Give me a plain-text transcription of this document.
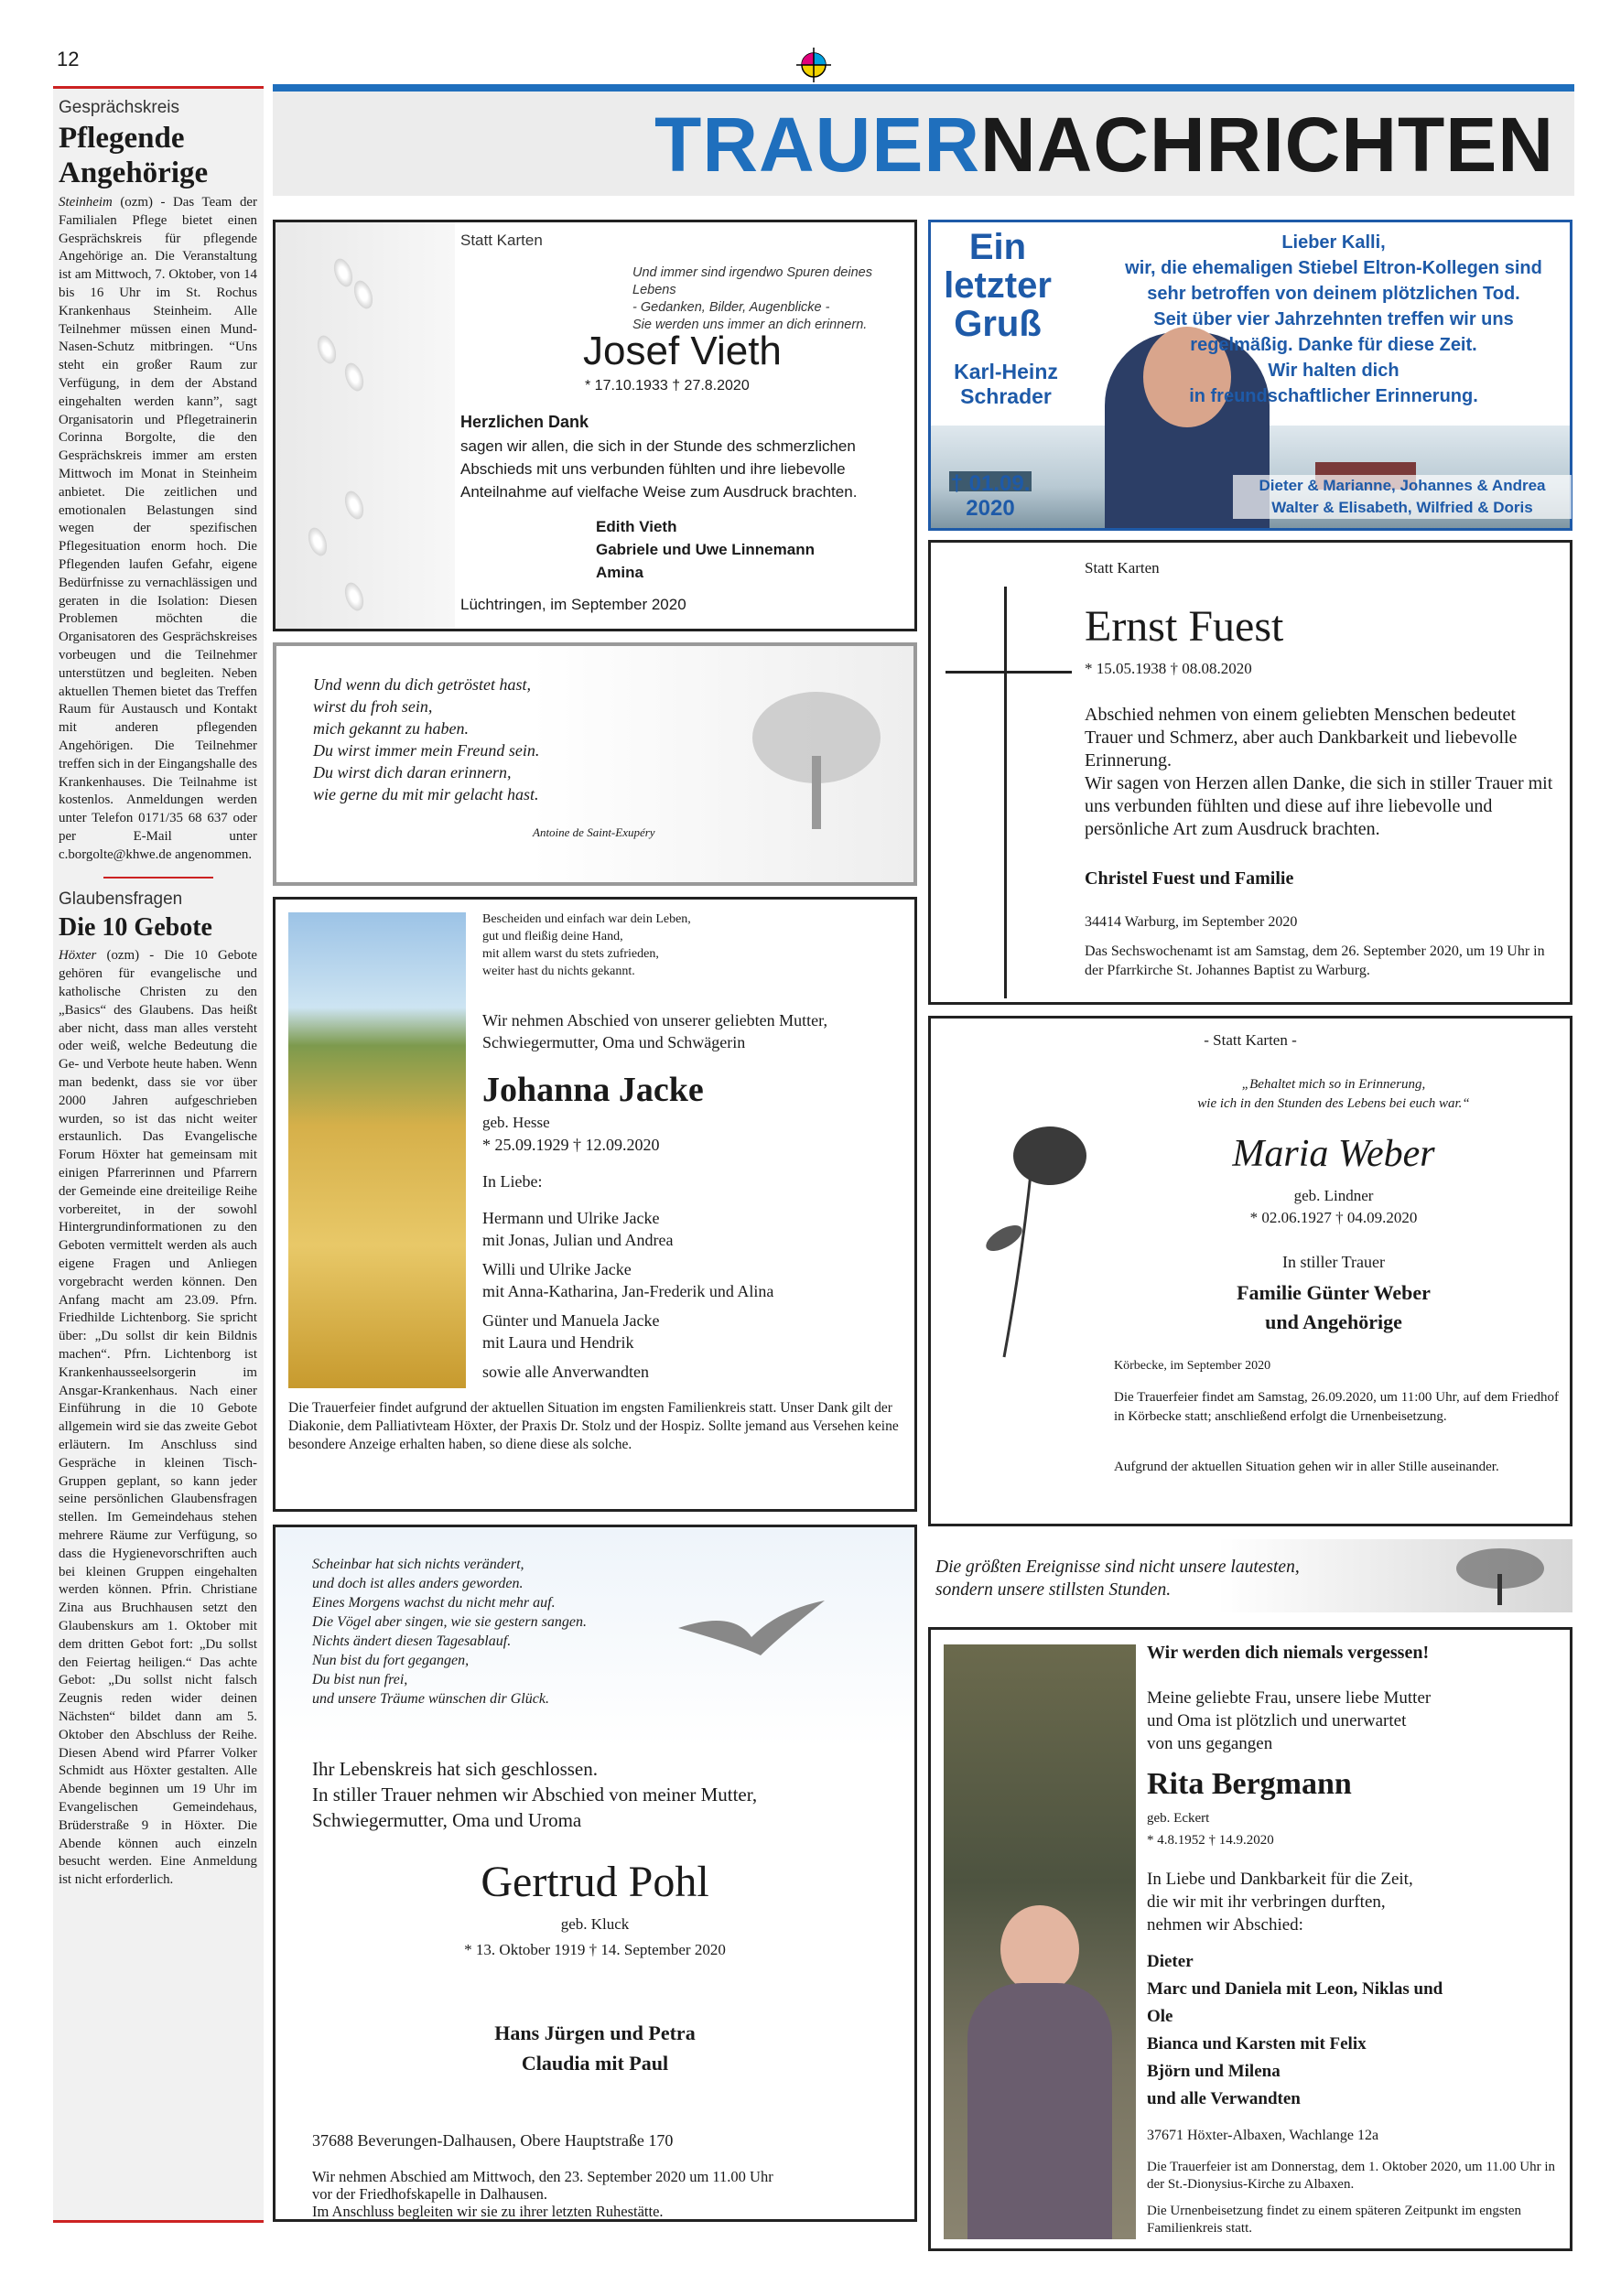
12
Gesprächskreis
Pflegende Angehörige

Steinheim (ozm) - Das Team der Familialen Pflege bietet einen Gesprächskreis für pflegende Angehörige an. Die Veranstaltung ist am Mittwoch, 7. Oktober, von 14 bis 16 Uhr im St. Rochus Krankenhaus Steinheim. Alle Teilnehmer müssen einen Mund-Nasen-Schutz mitbringen. “Uns steht ein großer Raum zur Verfügung, in dem der Abstand eingehalten werden kann”, sagt Organisatorin und Pflegetrainerin Corinna Borgolte, die den Gesprächskreis immer am ersten Mittwoch im Monat in Steinheim anbietet. Die zeitlichen und emotionalen Belastungen sind wegen der spezifischen Pflegesituation enorm hoch. Die Pflegenden laufen Gefahr, eigene Bedürfnisse zu vernachlässigen und geraten in die Isolation: Diesen Problemen möchten die Organisatoren des Gesprächskreises vorbeugen und die Teilnehmer unterstützen und begleiten. Neben aktuellen Themen bietet das Treffen Raum für Austausch und Kontakt mit anderen pflegenden Angehörigen. Die Teilnehmer treffen sich in der Eingangshalle des Krankenhauses. Die Teilnahme ist kostenlos. Anmeldungen werden unter Telefon 0171/35 68 637 oder per E-Mail unter c.borgolte@khwe.de angenommen.

Glaubensfragen
Die 10 Gebote

Höxter (ozm) - Die 10 Gebote gehören für evangelische und katholische Christen zu den „Basics“ des Glaubens. Das heißt aber nicht, dass man alles versteht oder weiß, welche Bedeutung die Ge- und Verbote heute haben. Wenn man bedenkt, dass sie vor über 2000 Jahren aufgeschrieben wurden, so ist das nicht weiter erstaunlich. Das Evangelische Forum Höxter hat gemeinsam mit einigen Pfarrerinnen und Pfarrern der Gemeinde eine dreiteilige Reihe vorbereitet, in der sowohl Hintergrundinformationen zu den Geboten vermittelt werden als auch eigene Fragen und Anliegen vorgebracht werden können. Den Anfang macht am 23.09. Pfrn. Friedhilde Lichtenborg. Sie spricht über: „Du sollst dir kein Bildnis machen“. Pfrn. Lichtenborg ist Krankenhausseelsorgerin im Ansgar-Krankenhaus. Nach einer Einführung in die 10 Gebote allgemein wird sie das zweite Gebot erläutern. Im Anschluss sind Gespräche in kleinen Tisch-Gruppen geplant, so kann jeder seine persönlichen Glaubensfragen stellen. Im Gemeindehaus stehen mehrere Räume zur Verfügung, so dass die Hygienevorschriften auch bei kleinen Gruppen eingehalten werden können. Pfrin. Christiane Zina aus Bruchhausen setzt den Glaubenskurs am 1. Oktober mit dem dritten Gebot fort: „Du sollst den Feiertag heiligen.“ Das achte Gebot: „Du sollst nicht falsch Zeugnis reden wider deinen Nächsten“ bildet dann am 5. Oktober den Abschluss der Reihe. Diesen Abend wird Pfarrer Volker Schmidt aus Höxter gestalten. Alle Abende beginnen um 19 Uhr im Evangelischen Gemeindehaus, Brüderstraße 9 in Höxter. Die Abende können auch einzeln besucht werden. Eine Anmeldung ist nicht erforderlich.

TRAUERNACHRICHTEN
Statt Karten
Und immer sind irgendwo Spuren deines Lebens
- Gedanken, Bilder, Augenblicke -
Sie werden uns immer an dich erinnern.
Josef Vieth
* 17.10.1933 † 27.8.2020
Herzlichen Dank
sagen wir allen, die sich in der Stunde des schmerzlichen Abschieds mit uns verbunden fühlten und ihre liebevolle Anteilnahme auf vielfache Weise zum Ausdruck brachten.
Edith Vieth
Gabriele und Uwe Linnemann
Amina
Lüchtringen, im September 2020
Ein
letzter
Gruß
Karl-Heinz
Schrader
† 01.09.
2020
Lieber Kalli,
wir, die ehemaligen Stiebel Eltron-Kollegen sind
sehr betroffen von deinem plötzlichen Tod.
Seit über vier Jahrzehnten treffen wir uns
regelmäßig. Danke für diese Zeit.
Wir halten dich
in freundschaftlicher Erinnerung.
Dieter & Marianne, Johannes & Andrea
Walter & Elisabeth, Wilfried & Doris
Und wenn du dich getröstet hast,
wirst du froh sein,
mich gekannt zu haben.
Du wirst immer mein Freund sein.
Du wirst dich daran erinnern,
wie gerne du mit mir gelacht hast.
Antoine de Saint-Exupéry
Statt Karten
Ernst Fuest
* 15.05.1938 † 08.08.2020
Abschied nehmen von einem geliebten Menschen bedeutet Trauer und Schmerz, aber auch Dankbarkeit und liebevolle Erinnerung.
Wir sagen von Herzen allen Danke, die sich in stiller Trauer mit uns verbunden fühlten und diese auf ihre liebevolle und persönliche Art zum Ausdruck brachten.
Christel Fuest und Familie
34414 Warburg, im September 2020
Das Sechswochenamt ist am Samstag, dem 26. September 2020, um 19 Uhr in der Pfarrkirche St. Johannes Baptist zu Warburg.
Bescheiden und einfach war dein Leben,
gut und fleißig deine Hand,
mit allem warst du stets zufrieden,
weiter hast du nichts gekannt.
Wir nehmen Abschied von unserer geliebten Mutter,
Schwiegermutter, Oma und Schwägerin
Johanna Jacke
geb. Hesse
* 25.09.1929 † 12.09.2020
In Liebe:
Hermann und Ulrike Jacke
mit Jonas, Julian und Andrea
Willi und Ulrike Jacke
mit Anna-Katharina, Jan-Frederik und Alina
Günter und Manuela Jacke
mit Laura und Hendrik
sowie alle Anverwandten
Die Trauerfeier findet aufgrund der aktuellen Situation im engsten Familienkreis statt. Unser Dank gilt der Diakonie, dem Palliativteam Höxter, der Praxis Dr. Stolz und der Hospiz. Sollte jemand aus Versehen keine besondere Anzeige erhalten haben, so diene diese als solche.
- Statt Karten -
„Behaltet mich so in Erinnerung,
wie ich in den Stunden des Lebens bei euch war.“
Maria Weber
geb. Lindner
* 02.06.1927 † 04.09.2020
In stiller Trauer
Familie Günter Weber
und Angehörige
Körbecke, im September 2020
Die Trauerfeier findet am Samstag, 26.09.2020, um 11:00 Uhr, auf dem Friedhof in Körbecke statt; anschließend erfolgt die Urnenbeisetzung.
Aufgrund der aktuellen Situation gehen wir in aller Stille auseinander.
Scheinbar hat sich nichts verändert,
und doch ist alles anders geworden.
Eines Morgens wachst du nicht mehr auf.
Die Vögel aber singen, wie sie gestern sangen.
Nichts ändert diesen Tagesablauf.
Nun bist du fort gegangen,
Du bist nun frei,
und unsere Träume wünschen dir Glück.
Ihr Lebenskreis hat sich geschlossen.
In stiller Trauer nehmen wir Abschied von meiner Mutter,
Schwiegermutter, Oma und Uroma
Gertrud Pohl
geb. Kluck
* 13. Oktober 1919 † 14. September 2020
Hans Jürgen und Petra
Claudia mit Paul
37688 Beverungen-Dalhausen, Obere Hauptstraße 170
Wir nehmen Abschied am Mittwoch, den 23. September 2020 um 11.00 Uhr
vor der Friedhofskapelle in Dalhausen.
Im Anschluss begleiten wir sie zu ihrer letzten Ruhestätte.
Die größten Ereignisse sind nicht unsere lautesten,
sondern unsere stillsten Stunden.
Wir werden dich niemals vergessen!
Meine geliebte Frau, unsere liebe Mutter
und Oma ist plötzlich und unerwartet
von uns gegangen
Rita Bergmann
geb. Eckert
* 4.8.1952 † 14.9.2020
In Liebe und Dankbarkeit für die Zeit,
die wir mit ihr verbringen durften,
nehmen wir Abschied:
Dieter
Marc und Daniela mit Leon, Niklas und
Ole
Bianca und Karsten mit Felix
Björn und Milena
und alle Verwandten
37671 Höxter-Albaxen, Wachlange 12a
Die Trauerfeier ist am Donnerstag, dem 1. Oktober 2020, um 11.00 Uhr in der St.-Dionysius-Kirche zu Albaxen.
Die Urnenbeisetzung findet zu einem späteren Zeitpunkt im engsten Familienkreis statt.
